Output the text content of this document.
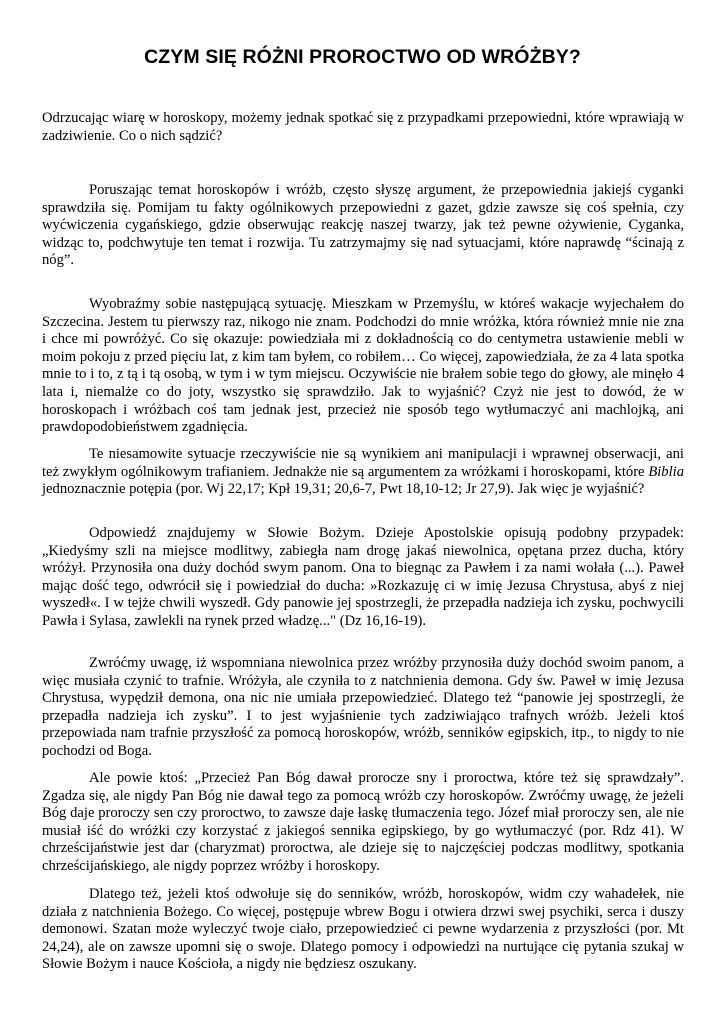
CZYM SIĘ RÓŻNI PROROCTWO OD WRÓŻBY?

Odrzucając wiarę w horoskopy, możemy jednak spotkać się z przypadkami przepowiedni, które wprawiają w zadziwienie. Co o nich sądzić?

Poruszając temat horoskopów i wróżb, często słyszę argument, że przepowiednia jakiejś cyganki sprawdziła się. Pomijam tu fakty ogólnikowych przepowiedni z gazet, gdzie zawsze się coś spełnia, czy wyćwiczenia cygańskiego, gdzie obserwując reakcję naszej twarzy, jak też pewne ożywienie, Cyganka, widząc to, podchwytuje ten temat i rozwija. Tu zatrzymajmy się nad sytuacjami, które naprawdę “ścinają z nóg”.

Wyobraźmy sobie następującą sytuację. Mieszkam w Przemyślu, w któreś wakacje wyjechałem do Szczecina. Jestem tu pierwszy raz, nikogo nie znam. Podchodzi do mnie wróżka, która również mnie nie zna i chce mi powróżyć. Co się okazuje: powiedziała mi z dokładnością co do centymetra ustawienie mebli w moim pokoju z przed pięciu lat, z kim tam byłem, co robiłem… Co więcej, zapowiedziała, że za 4 lata spotka mnie to i to, z tą i tą osobą, w tym i w tym miejscu. Oczywiście nie brałem sobie tego do głowy, ale minęło 4 lata i, niemalże co do joty, wszystko się sprawdziło. Jak to wyjaśnić? Czyż nie jest to dowód, że w horoskopach i wróżbach coś tam jednak jest, przecież nie sposób tego wytłumaczyć ani machlojką, ani prawdopodobieństwem zgadnięcia.

Te niesamowite sytuacje rzeczywiście nie są wynikiem ani manipulacji i wprawnej obserwacji, ani też zwykłym ogólnikowym trafianiem. Jednakże nie są argumentem za wróżkami i horoskopami, które Biblia jednoznacznie potępia (por. Wj 22,17; Kpł 19,31; 20,6-7, Pwt 18,10-12; Jr 27,9). Jak więc je wyjaśnić?

Odpowiedź znajdujemy w Słowie Bożym. Dzieje Apostolskie opisują podobny przypadek: „Kiedyśmy szli na miejsce modlitwy, zabiegła nam drogę jakaś niewolnica, opętana przez ducha, który wróżył. Przynosiła ona duży dochód swym panom. Ona to biegnąc za Pawłem i za nami wołała (...). Paweł mając dość tego, odwrócił się i powiedział do ducha: »Rozkazuję ci w imię Jezusa Chrystusa, abyś z niej wyszedł«. I w tejże chwili wyszedł. Gdy panowie jej spostrzegli, że przepadła nadzieja ich zysku, pochwycili Pawła i Sylasa, zawlekli na rynek przed władzę..." (Dz 16,16-19).

Zwróćmy uwagę, iż wspomniana niewolnica przez wróżby przynosiła duży dochód swoim panom, a więc musiała czynić to trafnie. Wróżyła, ale czyniła to z natchnienia demona. Gdy św. Paweł w imię Jezusa Chrystusa, wypędził demona, ona nic nie umiała przepowiedzieć. Dlatego też “panowie jej spostrzegli, że przepadła nadzieja ich zysku”. I to jest wyjaśnienie tych zadziwiająco trafnych wróżb. Jeżeli ktoś przepowiada nam trafnie przyszłość za pomocą horoskopów, wróżb, senników egipskich, itp., to nigdy to nie pochodzi od Boga.

Ale powie ktoś: „Przecież Pan Bóg dawał prorocze sny i proroctwa, które też się sprawdzały”. Zgadza się, ale nigdy Pan Bóg nie dawał tego za pomocą wróżb czy horoskopów. Zwróćmy uwagę, że jeżeli Bóg daje proroczy sen czy proroctwo, to zawsze daje łaskę tłumaczenia tego. Józef miał proroczy sen, ale nie musiał iść do wróżki czy korzystać z jakiegoś sennika egipskiego, by go wytłumaczyć (por. Rdz 41). W chrześcijaństwie jest dar (charyzmat) proroctwa, ale dzieje się to najczęściej podczas modlitwy, spotkania chrześcijańskiego, ale nigdy poprzez wróżby i horoskopy.

Dlatego też, jeżeli ktoś odwołuje się do senników, wróżb, horoskopów, widm czy wahadełek, nie działa z natchnienia Bożego. Co więcej, postępuje wbrew Bogu i otwiera drzwi swej psychiki, serca i duszy demonowi. Szatan może wyleczyć twoje ciało, przepowiedzieć ci pewne wydarzenia z przyszłości (por. Mt 24,24), ale on zawsze upomni się o swoje. Dlatego pomocy i odpowiedzi na nurtujące cię pytania szukaj w Słowie Bożym i nauce Kościoła, a nigdy nie będziesz oszukany.
